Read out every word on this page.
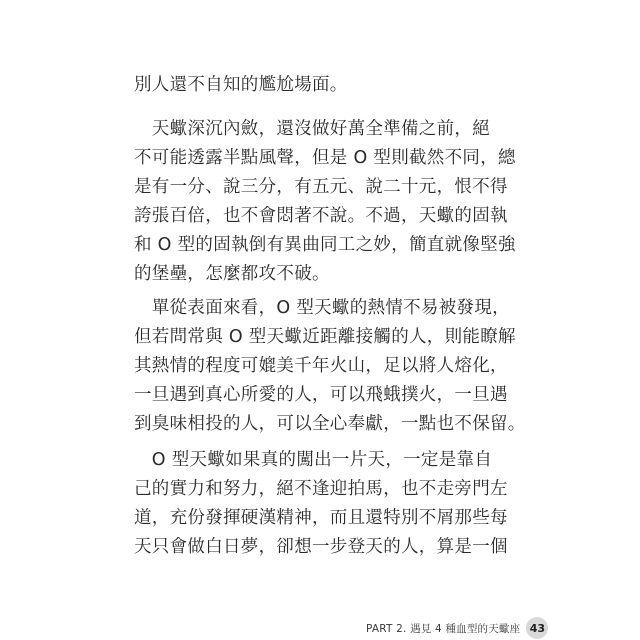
別人還不自知的尷尬場面。
　天蠍深沉內斂，還沒做好萬全準備之前，絕
不可能透露半點風聲，但是 O 型則截然不同，總
是有一分、說三分，有五元、說二十元，恨不得
誇張百倍，也不會悶著不說。不過，天蠍的固執
和 O 型的固執倒有異曲同工之妙，簡直就像堅強
的堡壘，怎麼都攻不破。
　單從表面來看，O 型天蠍的熱情不易被發現，
但若問常與 O 型天蠍近距離接觸的人，則能瞭解
其熱情的程度可媲美千年火山，足以將人熔化，
一旦遇到真心所愛的人，可以飛蛾撲火，一旦遇
到臭味相投的人，可以全心奉獻，一點也不保留。
　O 型天蠍如果真的闖出一片天，一定是靠自
己的實力和努力，絕不逢迎拍馬，也不走旁門左
道，充份發揮硬漢精神，而且還特別不屑那些每
天只會做白日夢，卻想一步登天的人，算是一個
PART 2. 遇見 4 種血型的天蠍座 43
